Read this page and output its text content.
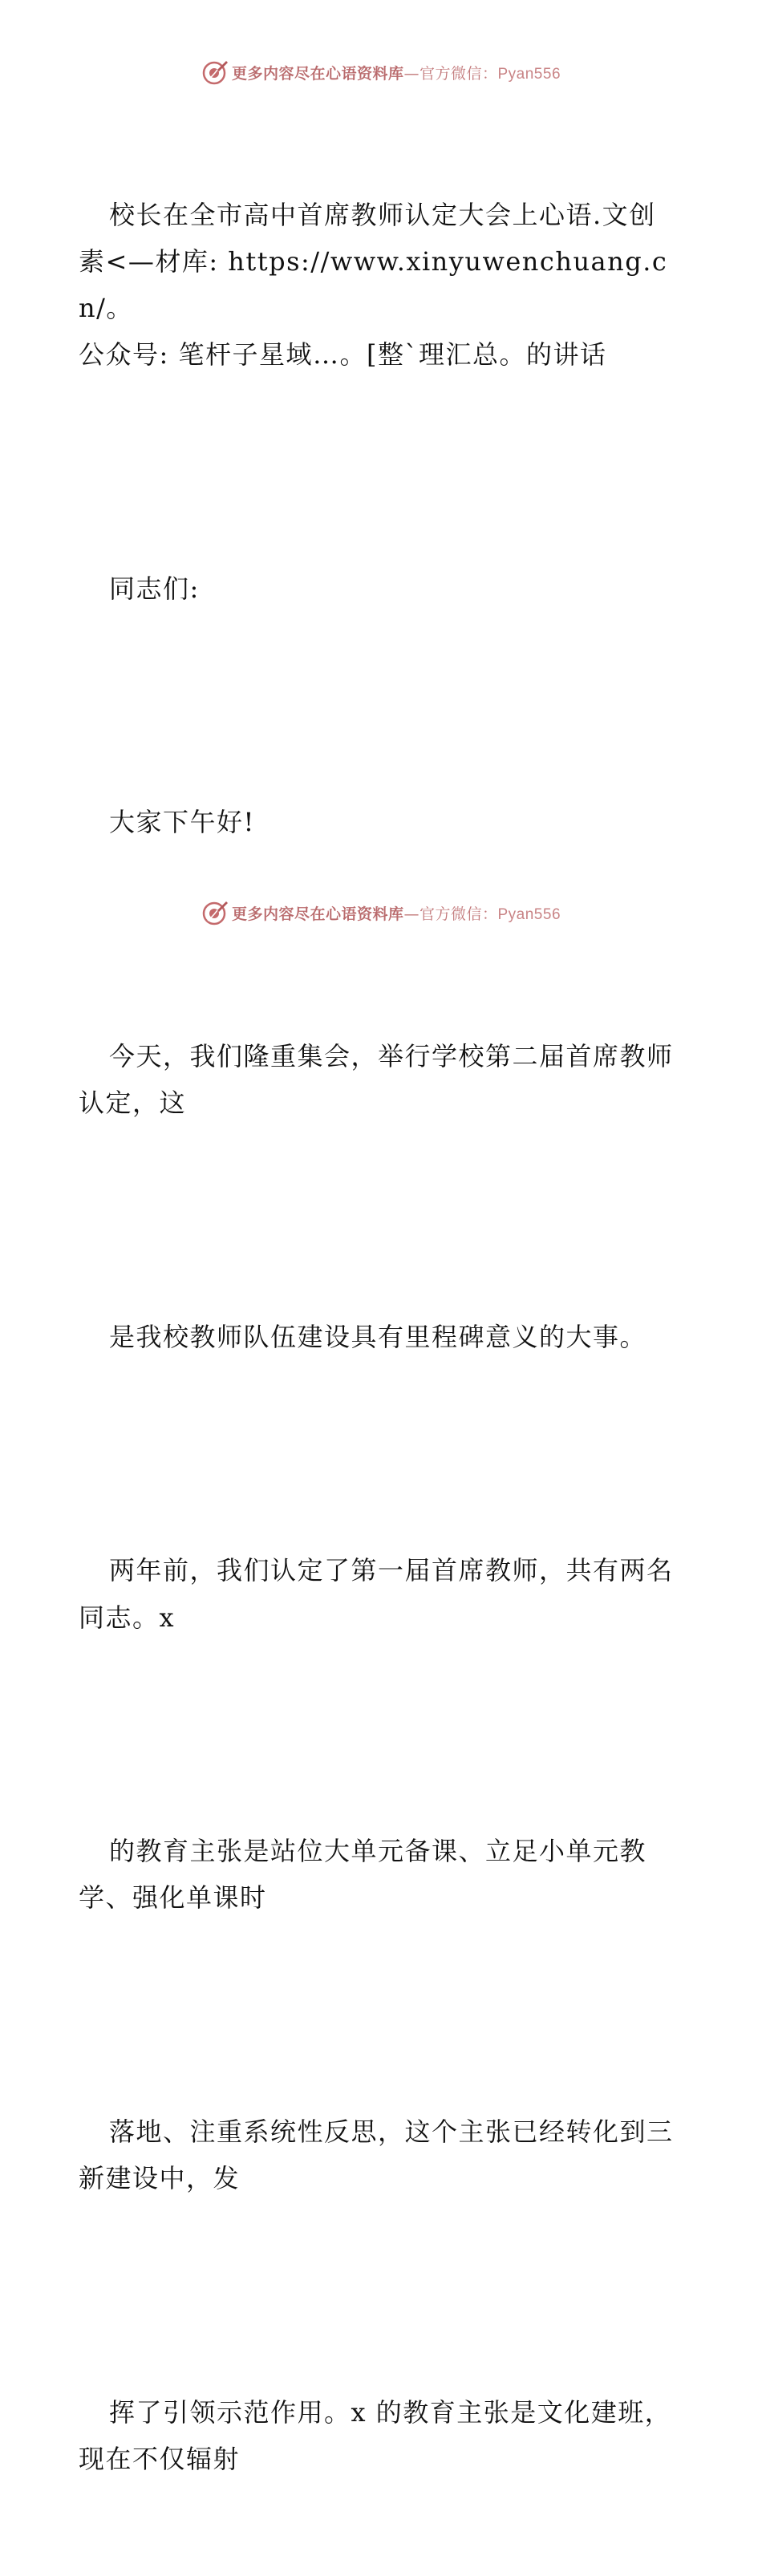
更多内容尽在心语资料库—官方微信：Pyan556

校长在全市高中首席教师认定大会上心语.文创
素<—材库: https://www.xinyuwenchuang.cn/。
公众号: 笔杆子星域…。[整ˋ理汇总。的讲话

同志们:

大家下午好!

今天，我们隆重集会，举行学校第二届首席教师
认定，这

是我校教师队伍建设具有里程碑意义的大事。

两年前，我们认定了第一届首席教师，共有两名
同志。x

的教育主张是站位大单元备课、立足小单元教
学、强化单课时

落地、注重系统性反思，这个主张已经转化到三
新建设中，发

挥了引领示范作用。x 的教育主张是文化建班，
现在不仅辐射

更多内容尽在心语资料库—官方微信：Pyan556
